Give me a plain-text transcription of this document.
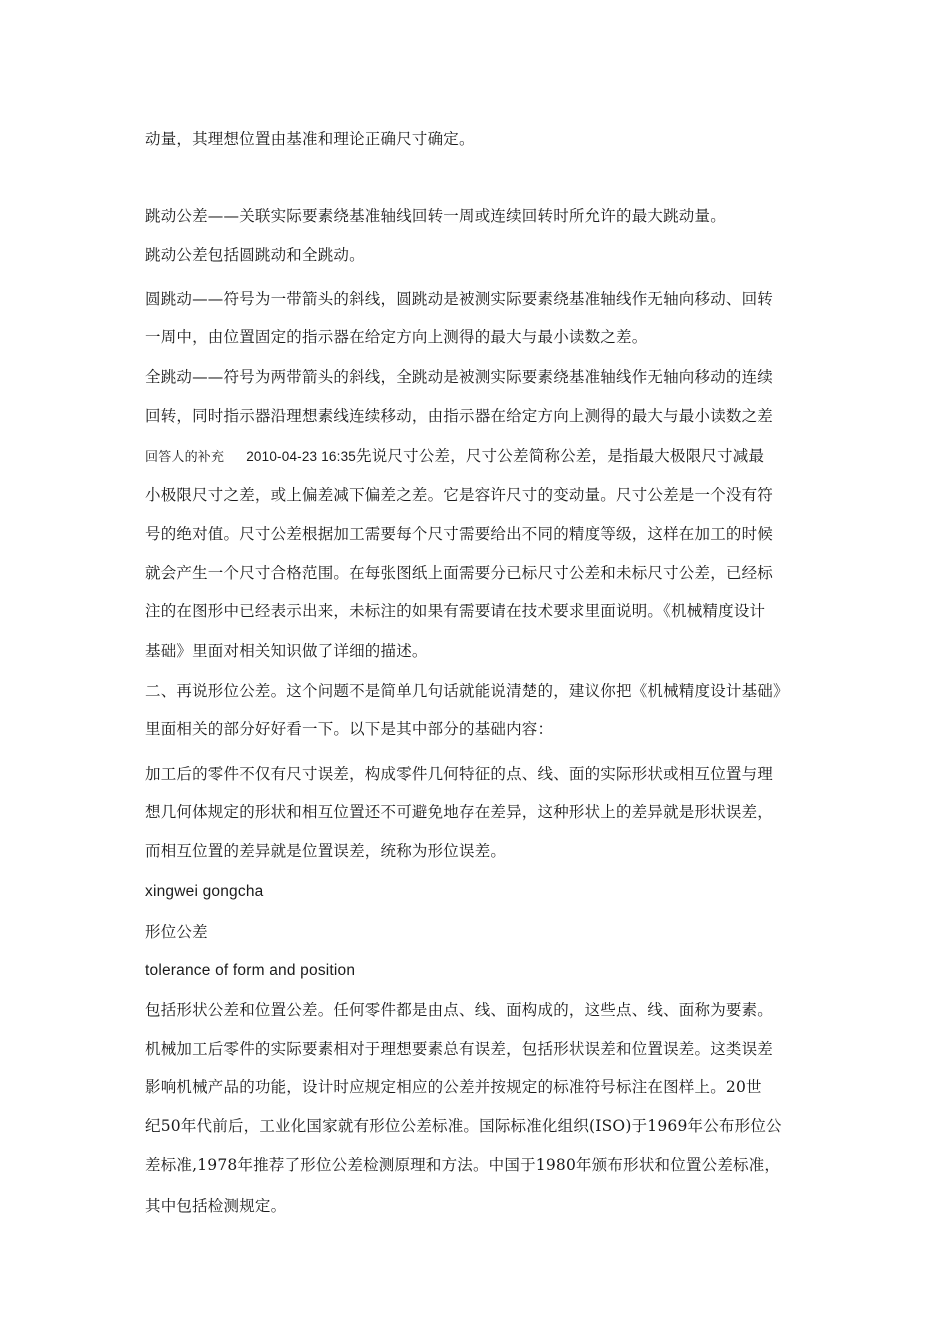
动量，其理想位置由基准和理论正确尺寸确定。
跳动公差——关联实际要素绕基准轴线回转一周或连续回转时所允许的最大跳动量。
跳动公差包括圆跳动和全跳动。
圆跳动——符号为一带箭头的斜线，圆跳动是被测实际要素绕基准轴线作无轴向移动、回转
一周中，由位置固定的指示器在给定方向上测得的最大与最小读数之差。
全跳动——符号为两带箭头的斜线，全跳动是被测实际要素绕基准轴线作无轴向移动的连续
回转，同时指示器沿理想素线连续移动，由指示器在给定方向上测得的最大与最小读数之差
回答人的补充 2010-04-23 16:35先说尺寸公差，尺寸公差简称公差，是指最大极限尺寸减最
小极限尺寸之差，或上偏差减下偏差之差。它是容许尺寸的变动量。尺寸公差是一个没有符
号的绝对值。尺寸公差根据加工需要每个尺寸需要给出不同的精度等级，这样在加工的时候
就会产生一个尺寸合格范围。在每张图纸上面需要分已标尺寸公差和未标尺寸公差，已经标
注的在图形中已经表示出来，未标注的如果有需要请在技术要求里面说明。《机械精度设计
基础》里面对相关知识做了详细的描述。
二、再说形位公差。这个问题不是简单几句话就能说清楚的，建议你把《机械精度设计基础》
里面相关的部分好好看一下。以下是其中部分的基础内容：
加工后的零件不仅有尺寸误差，构成零件几何特征的点、线、面的实际形状或相互位置与理
想几何体规定的形状和相互位置还不可避免地存在差异，这种形状上的差异就是形状误差，
而相互位置的差异就是位置误差，统称为形位误差。
xingwei gongcha
形位公差
tolerance of form and position
包括形状公差和位置公差。任何零件都是由点、线、面构成的，这些点、线、面称为要素。
机械加工后零件的实际要素相对于理想要素总有误差，包括形状误差和位置误差。这类误差
影响机械产品的功能，设计时应规定相应的公差并按规定的标准符号标注在图样上。20世
纪50年代前后，工业化国家就有形位公差标准。国际标准化组织(ISO)于1969年公布形位公
差标准,1978年推荐了形位公差检测原理和方法。中国于1980年颁布形状和位置公差标准，
其中包括检测规定。
